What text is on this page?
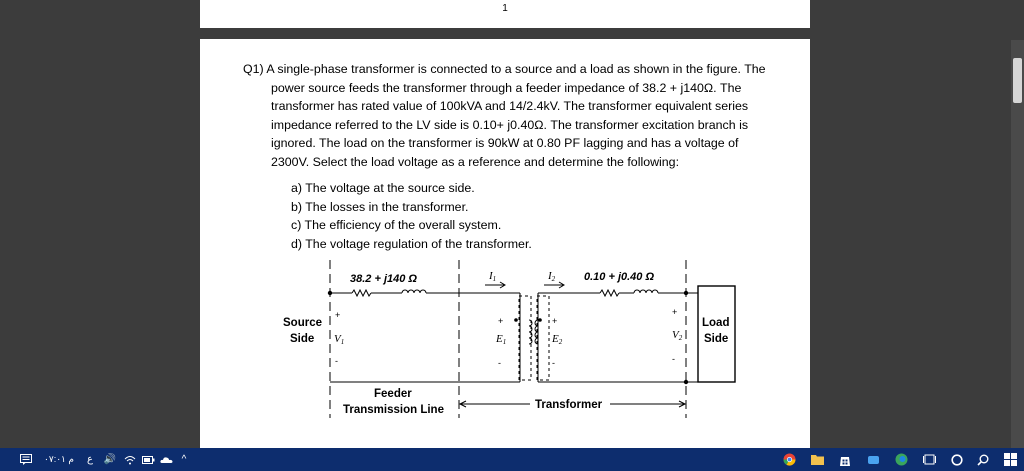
1
Q1) A single-phase transformer is connected to a source and a load as shown in the figure. The
power source feeds the transformer through a feeder impedance of 38.2 + j140Ω. The
transformer has rated value of 100kVA and 14/2.4kV. The transformer equivalent series
impedance referred to the LV side is 0.10+ j0.40Ω. The transformer excitation branch is
ignored. The load on the transformer is 90kW at 0.80 PF lagging and has a voltage of
2300V. Select the load voltage as a reference and determine the following:
a) The voltage at the source side.
b) The losses in the transformer.
c) The efficiency of the overall system.
d) The voltage regulation of the transformer.
38.2 + j140 Ω	0.10 + j0.40 Ω
I1	I2
Source
Side
+
V1
-
+
E1
-
+
E2
-
+
V2
-
Load
Side
Feeder
Transmission Line	Transformer
م ٠٧:٠١	ع	🔊	^
